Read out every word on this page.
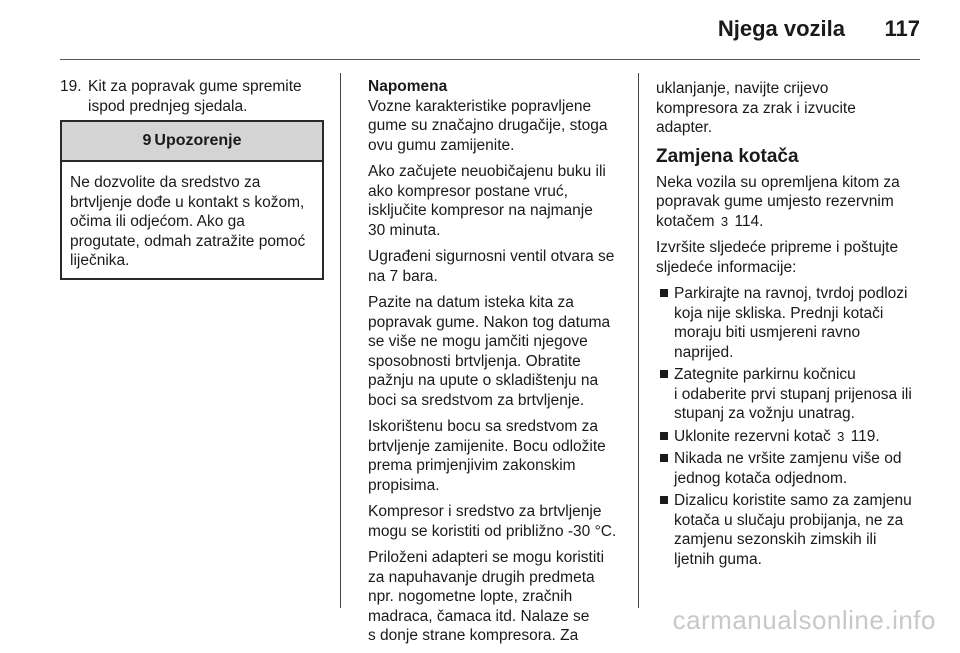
Njega vozila 117
19. Kit za popravak gume spremite
ispod prednjeg sjedala.
9 Upozorenje
Ne dozvolite da sredstvo za
brtvljenje dođe u kontakt s kožom,
očima ili odjećom. Ako ga
progutate, odmah zatražite pomoć
liječnika.
Napomena

Vozne karakteristike popravljene
gume su značajno drugačije, stoga
ovu gumu zamijenite.

Ako začujete neuobičajenu buku ili
ako kompresor postane vruć,
isključite kompresor na najmanje
30 minuta.

Ugrađeni sigurnosni ventil otvara se
na 7 bara.

Pazite na datum isteka kita za
popravak gume. Nakon tog datuma
se više ne mogu jamčiti njegove
sposobnosti brtvljenja. Obratite
pažnju na upute o skladištenju na
boci sa sredstvom za brtvljenje.

Iskorištenu bocu sa sredstvom za
brtvljenje zamijenite. Bocu odložite
prema primjenjivim zakonskim
propisima.

Kompresor i sredstvo za brtvljenje
mogu se koristiti od približno -30 °C.

Priloženi adapteri se mogu koristiti
za napuhavanje drugih predmeta
npr. nogometne lopte, zračnih
madraca, čamaca itd. Nalaze se
s donje strane kompresora. Za

uklanjanje, navijte crijevo
kompresora za zrak i izvucite
adapter.

Zamjena kotača

Neka vozila su opremljena kitom za
popravak gume umjesto rezervnim
kotačem 3 114.

Izvršite sljedeće pripreme i poštujte
sljedeće informacije:

Parkirajte na ravnoj, tvrdoj podlozi
koja nije skliska. Prednji kotači
moraju biti usmjereni ravno
naprijed.
Zategnite parkirnu kočnicu
i odaberite prvi stupanj prijenosa ili
stupanj za vožnju unatrag.
Uklonite rezervni kotač 3 119.
Nikada ne vršite zamjenu više od
jednog kotača odjednom.
Dizalicu koristite samo za zamjenu
kotača u slučaju probijanja, ne za
zamjenu sezonskih zimskih ili
ljetnih guma.
carmanualsonline.info
